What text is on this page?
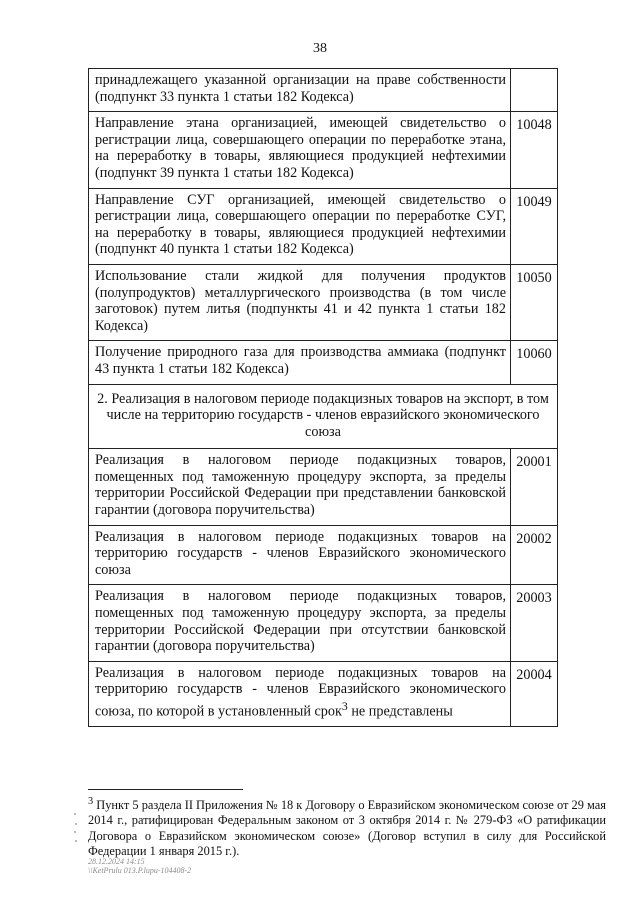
38
принадлежащего указанной организации на праве собственности (подпункт 33 пункта 1 статьи 182 Кодекса)	
Направление этана организацией, имеющей свидетельство о регистрации лица, совершающего операции по переработке этана, на переработку в товары, являющиеся продукцией нефтехимии (подпункт 39 пункта 1 статьи 182 Кодекса)	10048
Направление СУГ организацией, имеющей свидетельство о регистрации лица, совершающего операции по переработке СУГ, на переработку в товары, являющиеся продукцией нефтехимии (подпункт 40 пункта 1 статьи 182 Кодекса)	10049
Использование стали жидкой для получения продуктов (полупродуктов) металлургического производства (в том числе заготовок) путем литья (подпункты 41 и 42 пункта 1 статьи 182 Кодекса)	10050
Получение природного газа для производства аммиака (подпункт 43 пункта 1 статьи 182 Кодекса)	10060
2. Реализация в налоговом периоде подакцизных товаров на экспорт, в том числе на территорию государств - членов евразийского экономического союза	
Реализация в налоговом периоде подакцизных товаров, помещенных под таможенную процедуру экспорта, за пределы территории Российской Федерации при представлении банковской гарантии (договора поручительства)	20001
Реализация в налоговом периоде подакцизных товаров на территорию государств - членов Евразийского экономического союза	20002
Реализация в налоговом периоде подакцизных товаров, помещенных под таможенную процедуру экспорта, за пределы территории Российской Федерации при отсутствии банковской гарантии (договора поручительства)	20003
Реализация в налоговом периоде подакцизных товаров на территорию государств - членов Евразийского экономического союза, по которой в установленный срок$^3$ не представлены	20004
$^3$ Пункт 5 раздела II Приложения № 18 к Договору о Евразийском экономическом союзе от 29 мая 2014 г., ратифицирован Федеральным законом от 3 октября 2014 г. № 279-ФЗ «О ратификации Договора о Евразийском экономическом союзе» (Договор вступил в силу для Российской Федерации 1 января 2015 г.).
28.12.2024 14:15
\\KetPrulu 013.P.lupu-104408-2
